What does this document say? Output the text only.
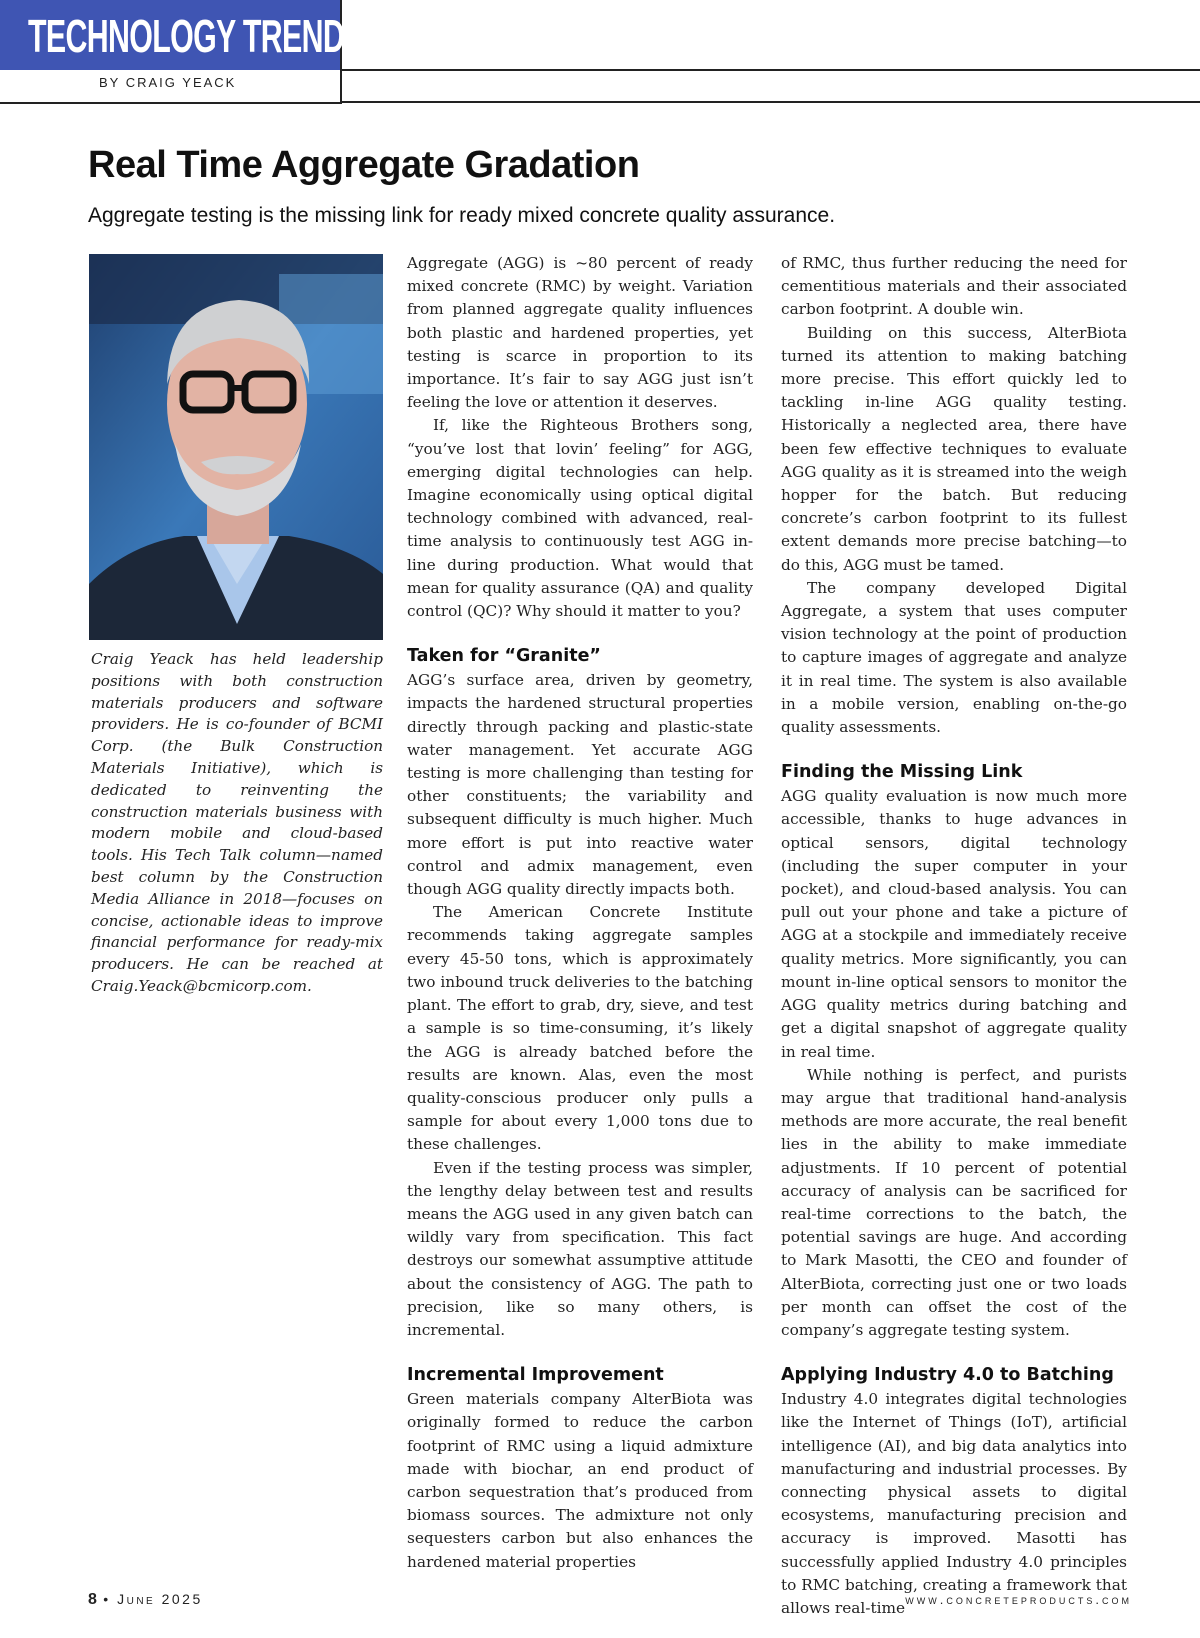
TECHNOLOGY TRENDS
BY CRAIG YEACK
Real Time Aggregate Gradation

Aggregate testing is the missing link for ready mixed concrete quality assurance.

Craig Yeack has held leadership positions with both construction materials producers and software providers. He is co-founder of BCMI Corp. (the Bulk Construction Materials Initiative), which is dedicated to reinventing the construction materials business with modern mobile and cloud-based tools. His Tech Talk column—named best column by the Construction Media Alliance in 2018—focuses on concise, actionable ideas to improve financial performance for ready-mix producers. He can be reached at Craig.Yeack@bcmicorp.com.

Aggregate (AGG) is ~80 percent of ready mixed concrete (RMC) by weight. Variation from planned aggregate quality influences both plastic and hardened properties, yet testing is scarce in proportion to its importance. It’s fair to say AGG just isn’t feeling the love or attention it deserves.

If, like the Righteous Brothers song, “you’ve lost that lovin’ feeling” for AGG, emerging digital technologies can help. Imagine economically using optical digital technology combined with advanced, real-time analysis to continuously test AGG in-line during production. What would that mean for quality assurance (QA) and quality control (QC)? Why should it matter to you?

Taken for “Granite”

AGG’s surface area, driven by geometry, impacts the hardened structural properties directly through packing and plastic-state water management. Yet accurate AGG testing is more challenging than testing for other constituents; the variability and subsequent difficulty is much higher. Much more effort is put into reactive water control and admix management, even though AGG quality directly impacts both.

The American Concrete Institute recommends taking aggregate samples every 45-50 tons, which is approximately two inbound truck deliveries to the batching plant. The effort to grab, dry, sieve, and test a sample is so time-consuming, it’s likely the AGG is already batched before the results are known. Alas, even the most quality-conscious producer only pulls a sample for about every 1,000 tons due to these challenges.

Even if the testing process was simpler, the lengthy delay between test and results means the AGG used in any given batch can wildly vary from specification. This fact destroys our somewhat assumptive attitude about the consistency of AGG. The path to precision, like so many others, is incremental.

Incremental Improvement

Green materials company AlterBiota was originally formed to reduce the carbon footprint of RMC using a liquid admixture made with biochar, an end product of carbon sequestration that’s produced from biomass sources. The admixture not only sequesters carbon but also enhances the hardened material properties

of RMC, thus further reducing the need for cementitious materials and their associated carbon footprint. A double win.

Building on this success, AlterBiota turned its attention to making batching more precise. This effort quickly led to tackling in-line AGG quality testing. Historically a neglected area, there have been few effective techniques to evaluate AGG quality as it is streamed into the weigh hopper for the batch. But reducing concrete’s carbon footprint to its fullest extent demands more precise batching—to do this, AGG must be tamed.

The company developed Digital Aggregate, a system that uses computer vision technology at the point of production to capture images of aggregate and analyze it in real time. The system is also available in a mobile version, enabling on-the-go quality assessments.

Finding the Missing Link

AGG quality evaluation is now much more accessible, thanks to huge advances in optical sensors, digital technology (including the super computer in your pocket), and cloud-based analysis. You can pull out your phone and take a picture of AGG at a stockpile and immediately receive quality metrics. More significantly, you can mount in-line optical sensors to monitor the AGG quality metrics during batching and get a digital snapshot of aggregate quality in real time.

While nothing is perfect, and purists may argue that traditional hand-analysis methods are more accurate, the real benefit lies in the ability to make immediate adjustments. If 10 percent of potential accuracy of analysis can be sacrificed for real-time corrections to the batch, the potential savings are huge. And according to Mark Masotti, the CEO and founder of AlterBiota, correcting just one or two loads per month can offset the cost of the company’s aggregate testing system.

Applying Industry 4.0 to Batching

Industry 4.0 integrates digital technologies like the Internet of Things (IoT), artificial intelligence (AI), and big data analytics into manufacturing and industrial processes. By connecting physical assets to digital ecosystems, manufacturing precision and accuracy is improved. Masotti has successfully applied Industry 4.0 principles to RMC batching, creating a framework that allows real-time

8 • June 2025	www.concreteproducts.com
